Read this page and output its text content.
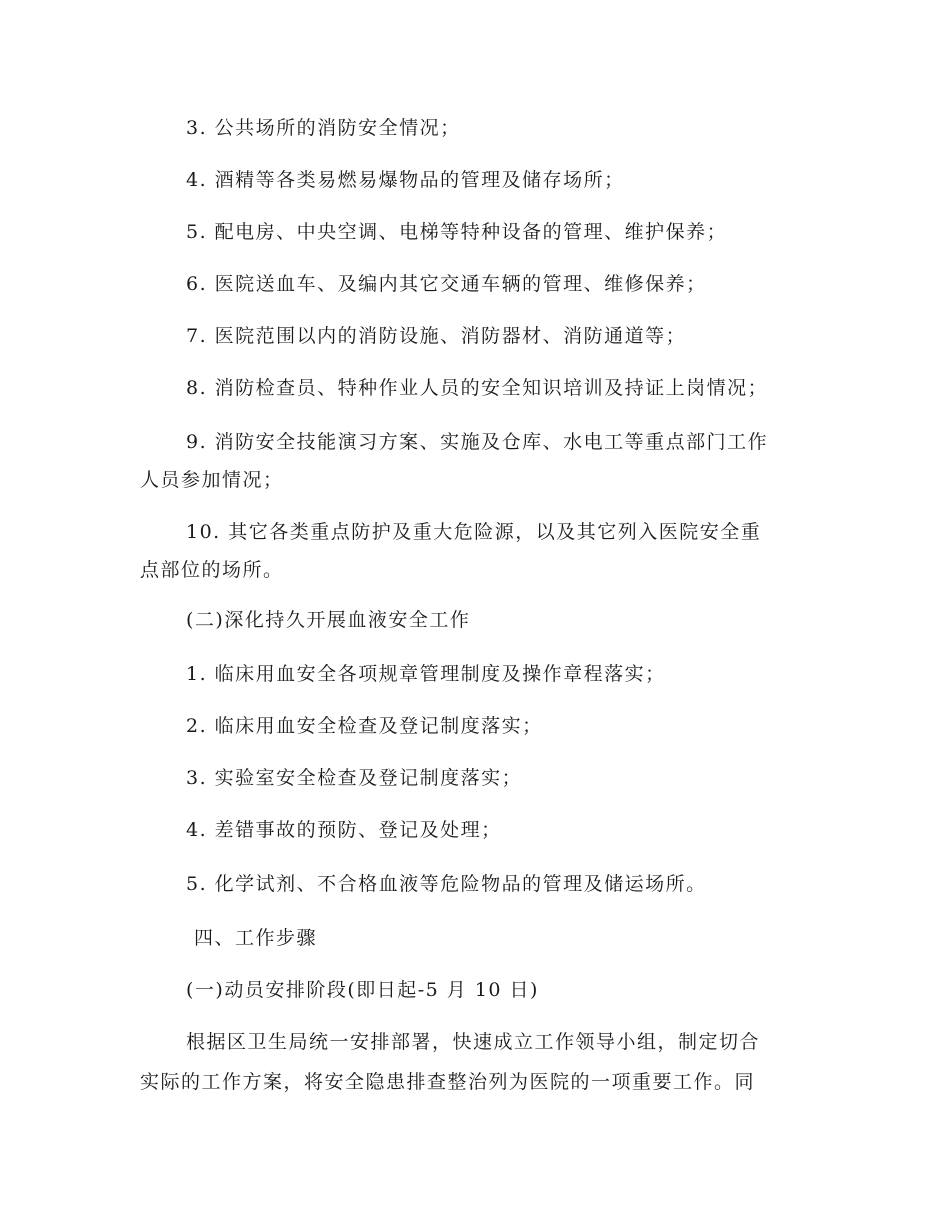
3. 公共场所的消防安全情况；
4. 酒精等各类易燃易爆物品的管理及储存场所；
5. 配电房、中央空调、电梯等特种设备的管理、维护保养；
6. 医院送血车、及编内其它交通车辆的管理、维修保养；
7. 医院范围以内的消防设施、消防器材、消防通道等；
8. 消防检查员、特种作业人员的安全知识培训及持证上岗情况；
9. 消防安全技能演习方案、实施及仓库、水电工等重点部门工作
人员参加情况；
10. 其它各类重点防护及重大危险源，以及其它列入医院安全重
点部位的场所。
(二)深化持久开展血液安全工作
1. 临床用血安全各项规章管理制度及操作章程落实；
2. 临床用血安全检查及登记制度落实；
3. 实验室安全检查及登记制度落实；
4. 差错事故的预防、登记及处理；
5. 化学试剂、不合格血液等危险物品的管理及储运场所。
四、工作步骤
(一)动员安排阶段(即日起-5 月 10 日)
根据区卫生局统一安排部署，快速成立工作领导小组，制定切合
实际的工作方案，将安全隐患排查整治列为医院的一项重要工作。同
